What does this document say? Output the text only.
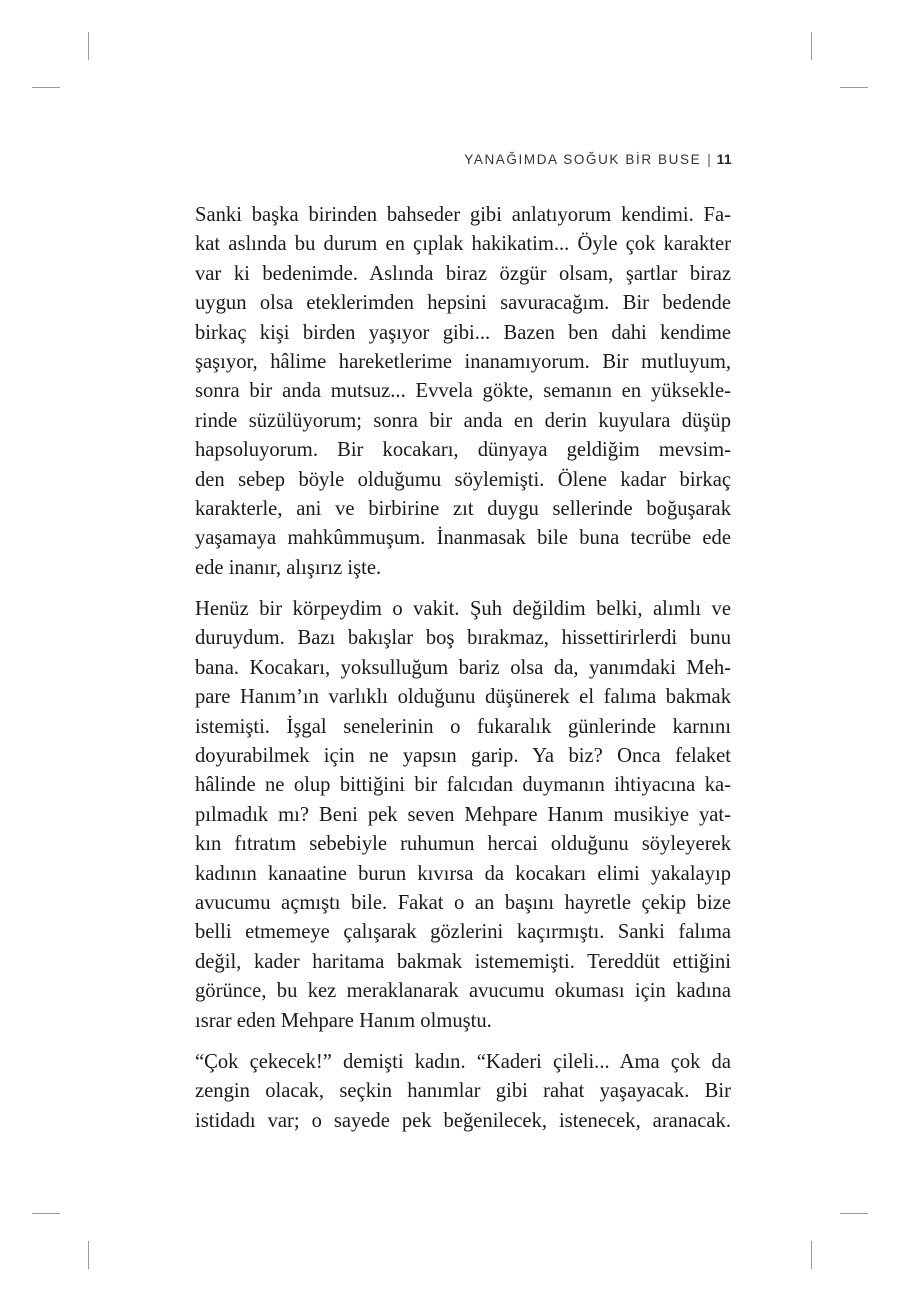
YANAĞIMDA SOĞUK BİR BUSE | 11
Sanki başka birinden bahseder gibi anlatıyorum kendimi. Fa-
kat aslında bu durum en çıplak hakikatim... Öyle çok karakter
var ki bedenimde. Aslında biraz özgür olsam, şartlar biraz
uygun olsa eteklerimden hepsini savuracağım. Bir bedende
birkaç kişi birden yaşıyor gibi... Bazen ben dahi kendime
şaşıyor, hâlime hareketlerime inanamıyorum. Bir mutluyum,
sonra bir anda mutsuz... Evvela gökte, semanın en yüksekle-
rinde süzülüyorum; sonra bir anda en derin kuyulara düşüp
hapsoluyorum. Bir kocakarı, dünyaya geldiğim mevsim-
den sebep böyle olduğumu söylemişti. Ölene kadar birkaç
karakterle, ani ve birbirine zıt duygu sellerinde boğuşarak
yaşamaya mahkûmmuşum. İnanmasak bile buna tecrübe ede
ede inanır, alışırız işte.
Henüz bir körpeydim o vakit. Şuh değildim belki, alımlı ve
duruydum. Bazı bakışlar boş bırakmaz, hissettirirlerdi bunu
bana. Kocakarı, yoksulluğum bariz olsa da, yanımdaki Meh-
pare Hanım’ın varlıklı olduğunu düşünerek el falıma bakmak
istemişti. İşgal senelerinin o fukaralık günlerinde karnını
doyurabilmek için ne yapsın garip. Ya biz? Onca felaket
hâlinde ne olup bittiğini bir falcıdan duymanın ihtiyacına ka-
pılmadık mı? Beni pek seven Mehpare Hanım musikiye yat-
kın fıtratım sebebiyle ruhumun hercai olduğunu söyleyerek
kadının kanaatine burun kıvırsa da kocakarı elimi yakalayıp
avucumu açmıştı bile. Fakat o an başını hayretle çekip bize
belli etmemeye çalışarak gözlerini kaçırmıştı. Sanki falıma
değil, kader haritama bakmak istememişti. Tereddüt ettiğini
görünce, bu kez meraklanarak avucumu okuması için kadına
ısrar eden Mehpare Hanım olmuştu.
“Çok çekecek!” demişti kadın. “Kaderi çileli... Ama çok da
zengin olacak, seçkin hanımlar gibi rahat yaşayacak. Bir
istidadı var; o sayede pek beğenilecek, istenecek, aranacak.
